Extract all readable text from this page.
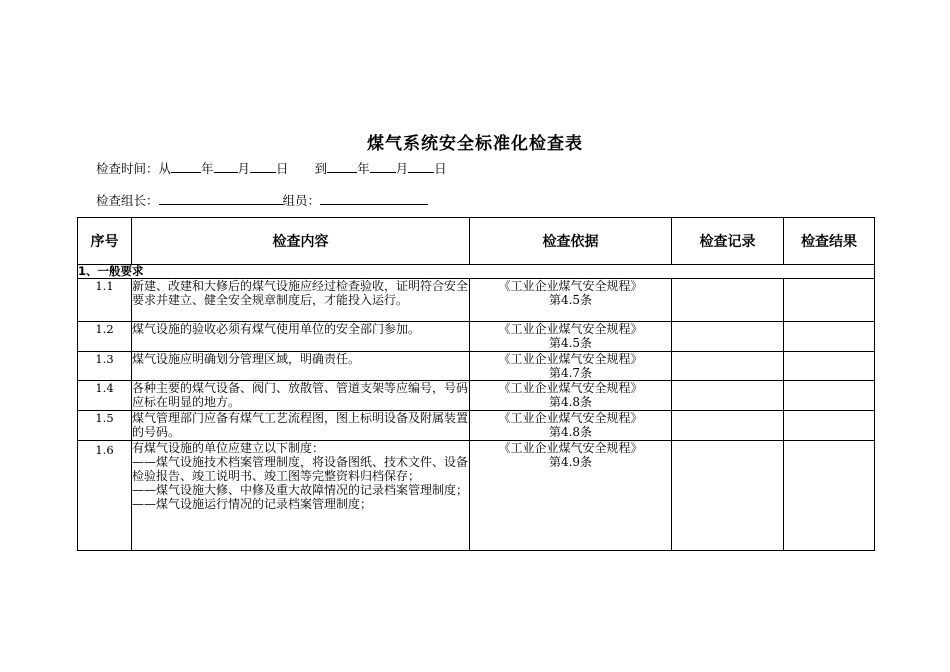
煤气系统安全标准化检查表
检查时间：从 年 月 日 到 年 月 日
检查组长：	组员：
序号	检查内容	检查依据	检查记录	检查结果
1、一般要求				
1.1	新建、改建和大修后的煤气设施应经过检查验收，证明符合安全要求并建立、健全安全规章制度后，才能投入运行。	《工业企业煤气安全规程》
第4.5条		
1.2	煤气设施的验收必须有煤气使用单位的安全部门参加。	《工业企业煤气安全规程》
第4.5条		
1.3	煤气设施应明确划分管理区域，明确责任。	《工业企业煤气安全规程》
第4.7条		
1.4	各种主要的煤气设备、阀门、放散管、管道支架等应编号，号码应标在明显的地方。	《工业企业煤气安全规程》
第4.8条		
1.5	煤气管理部门应备有煤气工艺流程图，图上标明设备及附属装置的号码。	《工业企业煤气安全规程》
第4.8条		
1.6	有煤气设施的单位应建立以下制度：
——煤气设施技术档案管理制度，将设备图纸、技术文件、设备检验报告、竣工说明书、竣工图等完整资料归档保存；
——煤气设施大修、中修及重大故障情况的记录档案管理制度；
——煤气设施运行情况的记录档案管理制度；	《工业企业煤气安全规程》
第4.9条		
